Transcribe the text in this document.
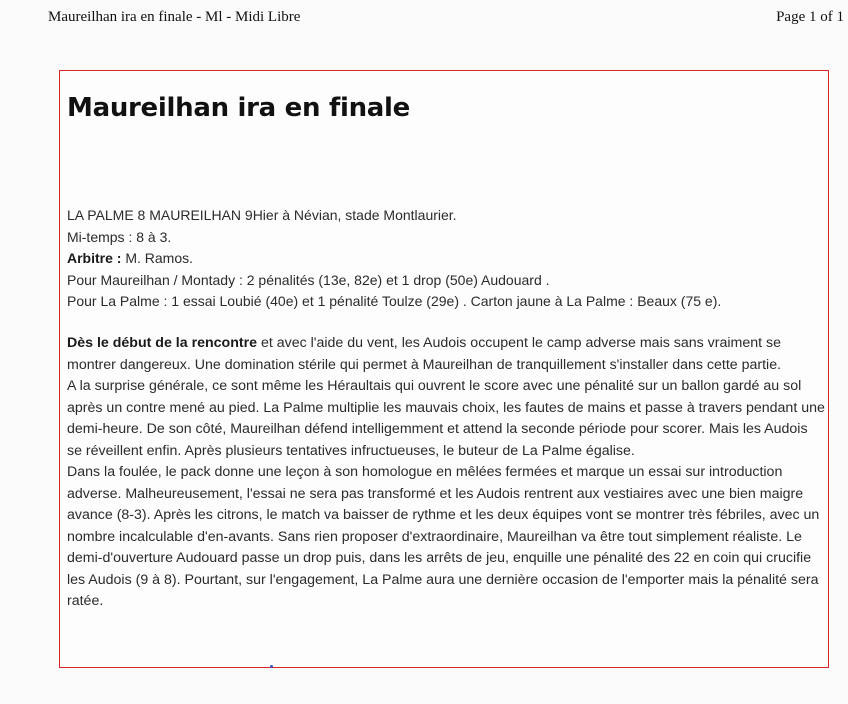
Maureilhan ira en finale - Ml - Midi Libre	Page 1 of 1
Maureilhan ira en finale
LA PALME 8 MAUREILHAN 9Hier à Névian, stade Montlaurier.
Mi-temps : 8 à 3.
Arbitre : M. Ramos.
Pour Maureilhan / Montady : 2 pénalités (13e, 82e) et 1 drop (50e) Audouard .
Pour La Palme : 1 essai Loubié (40e) et 1 pénalité Toulze (29e) . Carton jaune à La Palme : Beaux (75 e).

Dès le début de la rencontre et avec l'aide du vent, les Audois occupent le camp adverse mais sans vraiment se montrer dangereux. Une domination stérile qui permet à Maureilhan de tranquillement s'installer dans cette partie.

A la surprise générale, ce sont même les Héraultais qui ouvrent le score avec une pénalité sur un ballon gardé au sol après un contre mené au pied. La Palme multiplie les mauvais choix, les fautes de mains et passe à travers pendant une demi-heure. De son côté, Maureilhan défend intelligemment et attend la seconde période pour scorer. Mais les Audois se réveillent enfin. Après plusieurs tentatives infructueuses, le buteur de La Palme égalise.

Dans la foulée, le pack donne une leçon à son homologue en mêlées fermées et marque un essai sur introduction adverse. Malheureusement, l'essai ne sera pas transformé et les Audois rentrent aux vestiaires avec une bien maigre avance (8-3). Après les citrons, le match va baisser de rythme et les deux équipes vont se montrer très fébriles, avec un nombre incalculable d'en-avants. Sans rien proposer d'extraordinaire, Maureilhan va être tout simplement réaliste. Le demi-d'ouverture Audouard passe un drop puis, dans les arrêts de jeu, enquille une pénalité des 22 en coin qui crucifie les Audois (9 à 8). Pourtant, sur l'engagement, La Palme aura une dernière occasion de l'emporter mais la pénalité sera ratée.
